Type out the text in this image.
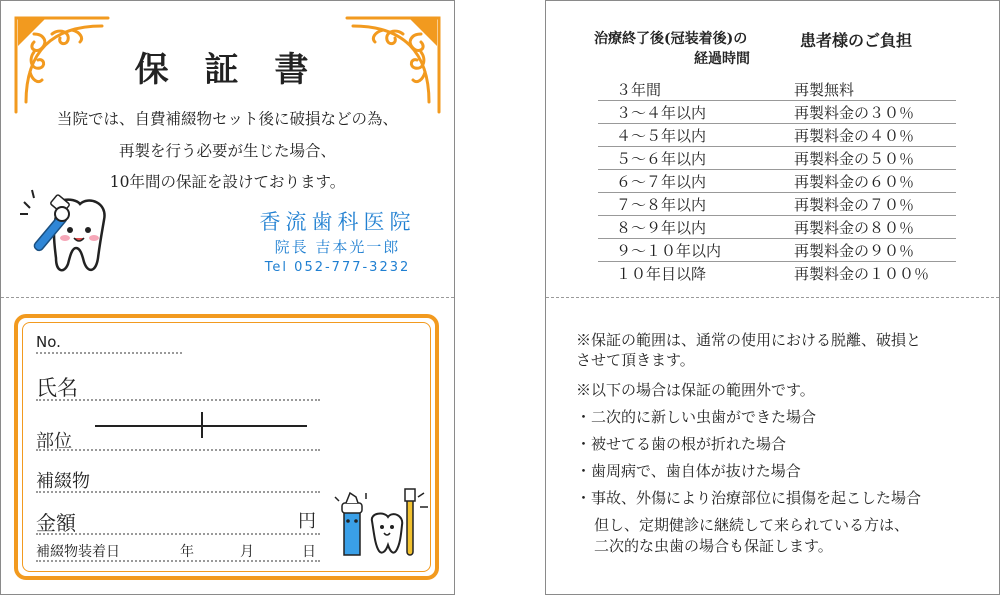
保 証 書
当院では、自費補綴物セット後に破損などの為、
再製を行う必要が生じた場合、
10年間の保証を設けております。
香流歯科医院
院長 吉本光一郎
Tel 052-777-3232
No.
氏名
部位
補綴物
金額	円
補綴物装着日	年	月	日
治療終了後(冠装着後)の
経過時間
患者様のご負担
３年間	再製無料
３～４年以内	再製料金の３０％
４～５年以内	再製料金の４０％
５～６年以内	再製料金の５０％
６～７年以内	再製料金の６０％
７～８年以内	再製料金の７０％
８～９年以内	再製料金の８０％
９～１０年以内	再製料金の９０％
１０年目以降	再製料金の１００％
※保証の範囲は、通常の使用における脱離、破損と
させて頂きます。
※以下の場合は保証の範囲外です。
・二次的に新しい虫歯ができた場合
・被せてる歯の根が折れた場合
・歯周病で、歯自体が抜けた場合
・事故、外傷により治療部位に損傷を起こした場合
但し、定期健診に継続して来られている方は、
二次的な虫歯の場合も保証します。
